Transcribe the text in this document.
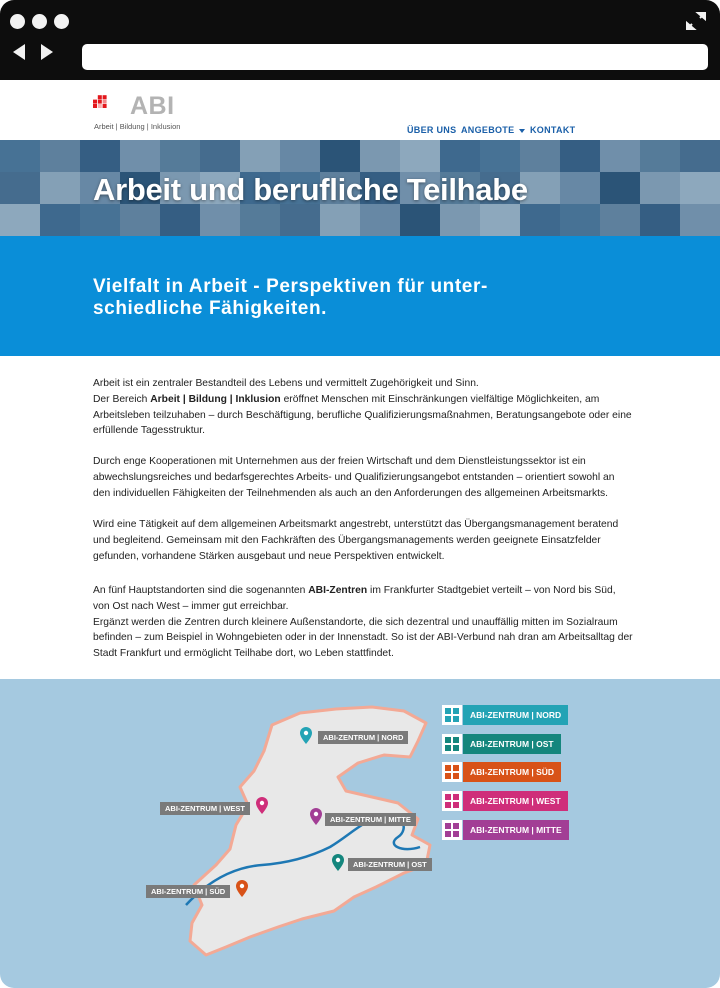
ABI
Arbeit | Bildung | Inklusion	ÜBER UNS ANGEBOTE	KONTAKT
Arbeit und berufliche Teilhabe

Vielfalt in Arbeit - Perspektiven für unter-schiedliche Fähigkeiten.

Arbeit ist ein zentraler Bestandteil des Lebens und vermittelt Zugehörigkeit und Sinn.
Der Bereich Arbeit | Bildung | Inklusion eröffnet Menschen mit Einschränkungen vielfältige Möglichkeiten, am Arbeitsleben teilzuhaben – durch Beschäftigung, berufliche Qualifizierungsmaßnahmen, Beratungsangebote oder eine erfüllende Tagesstruktur.

Durch enge Kooperationen mit Unternehmen aus der freien Wirtschaft und dem Dienstleistungssektor ist ein abwechslungsreiches und bedarfsgerechtes Arbeits- und Qualifizierungsangebot entstanden – orientiert sowohl an den individuellen Fähigkeiten der Teilnehmenden als auch an den Anforderungen des allgemeinen Arbeitsmarkts.

Wird eine Tätigkeit auf dem allgemeinen Arbeitsmarkt angestrebt, unterstützt das Übergangsmanagement beratend und begleitend. Gemeinsam mit den Fachkräften des Übergangsmanagements werden geeignete Einsatzfelder gefunden, vorhandene Stärken ausgebaut und neue Perspektiven entwickelt.

An fünf Hauptstandorten sind die sogenannten ABI-Zentren im Frankfurter Stadtgebiet verteilt – von Nord bis Süd, von Ost nach West – immer gut erreichbar.
Ergänzt werden die Zentren durch kleinere Außenstandorte, die sich dezentral und unauffällig mitten im Sozialraum befinden – zum Beispiel in Wohngebieten oder in der Innenstadt. So ist der ABI-Verbund nah dran am Arbeitsalltag der Stadt Frankfurt und ermöglicht Teilhabe dort, wo Leben stattfindet.
ABI-ZENTRUM | NORD
ABI-ZENTRUM | WEST
ABI-ZENTRUM | MITTE
ABI-ZENTRUM | OST
ABI-ZENTRUM | SÜD
ABI-ZENTRUM | NORD
ABI-ZENTRUM | OST
ABI-ZENTRUM | SÜD
ABI-ZENTRUM | WEST
ABI-ZENTRUM | MITTE
